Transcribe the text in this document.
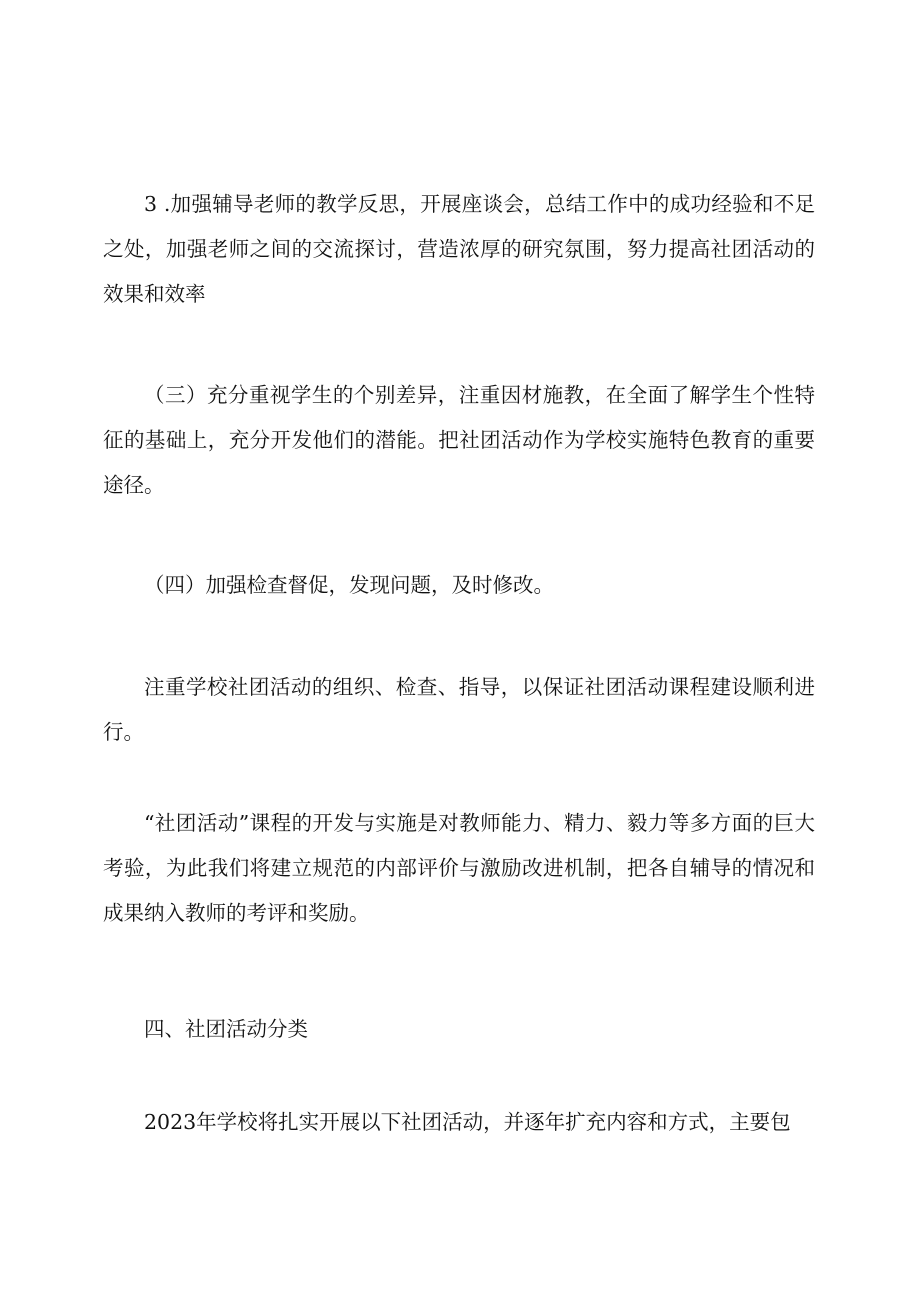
3 .加强辅导老师的教学反思，开展座谈会，总结工作中的成功经验和不足之处，加强老师之间的交流探讨，营造浓厚的研究氛围，努力提高社团活动的效果和效率

（三）充分重视学生的个别差异，注重因材施教，在全面了解学生个性特征的基础上，充分开发他们的潜能。把社团活动作为学校实施特色教育的重要途径。

（四）加强检查督促，发现问题，及时修改。

注重学校社团活动的组织、检查、指导，以保证社团活动课程建设顺利进行。

“社团活动”课程的开发与实施是对教师能力、精力、毅力等多方面的巨大考验，为此我们将建立规范的内部评价与激励改进机制，把各自辅导的情况和成果纳入教师的考评和奖励。

四、社团活动分类

2023年学校将扎实开展以下社团活动，并逐年扩充内容和方式，主要包
